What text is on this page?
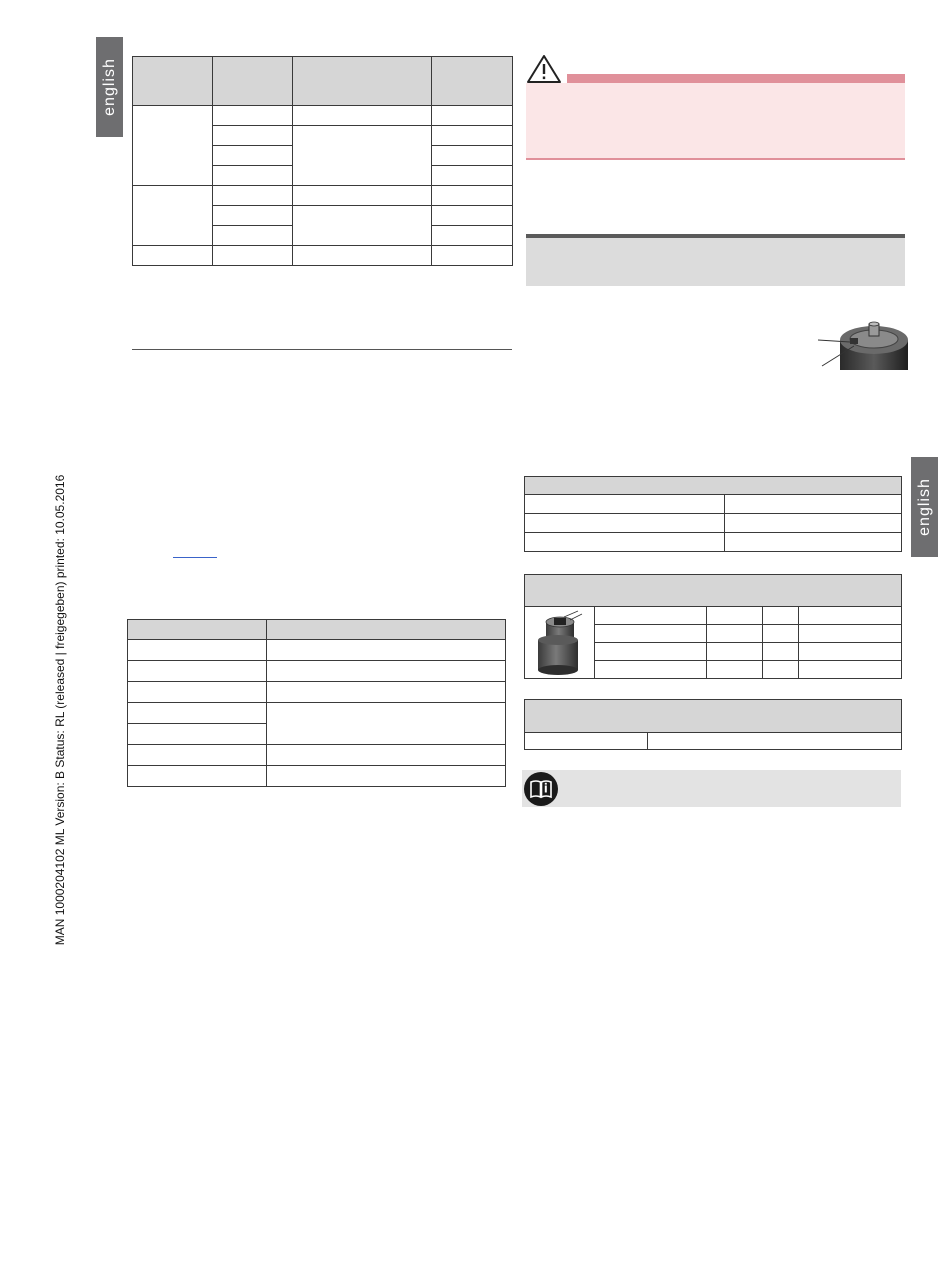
english
english
MAN 1000204102 ML Version: B Status: RL (released | freigegeben) printed: 10.05.2016
